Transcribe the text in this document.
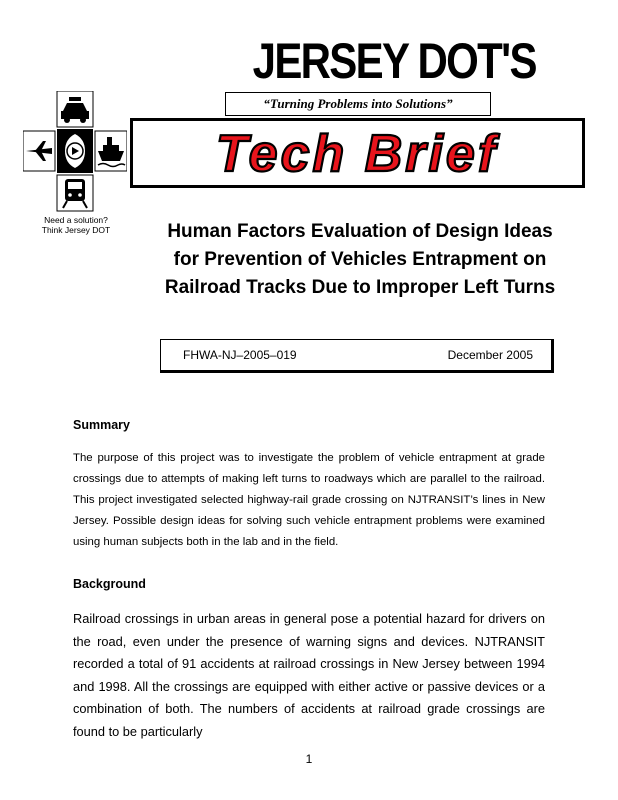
JERSEY DOT'S
“Turning Problems into Solutions”
Tech Brief
Need a solution?
Think Jersey DOT	Human Factors Evaluation of Design Ideas
for Prevention of Vehicles Entrapment on
Railroad Tracks Due to Improper Left Turns
FHWA-NJ–2005–019	December 2005
Summary

The purpose of this project was to investigate the problem of vehicle entrapment at grade crossings due to attempts of making left turns to roadways which are parallel to the railroad. This project investigated selected highway-rail grade crossing on NJTRANSIT’s lines in New Jersey. Possible design ideas for solving such vehicle entrapment problems were examined using human subjects both in the lab and in the field.

Background

Railroad crossings in urban areas in general pose a potential hazard for drivers on the road, even under the presence of warning signs and devices. NJTRANSIT recorded a total of 91 accidents at railroad crossings in New Jersey between 1994 and 1998. All the crossings are equipped with either active or passive devices or a combination of both. The numbers of accidents at railroad grade crossings are found to be particularly

1
